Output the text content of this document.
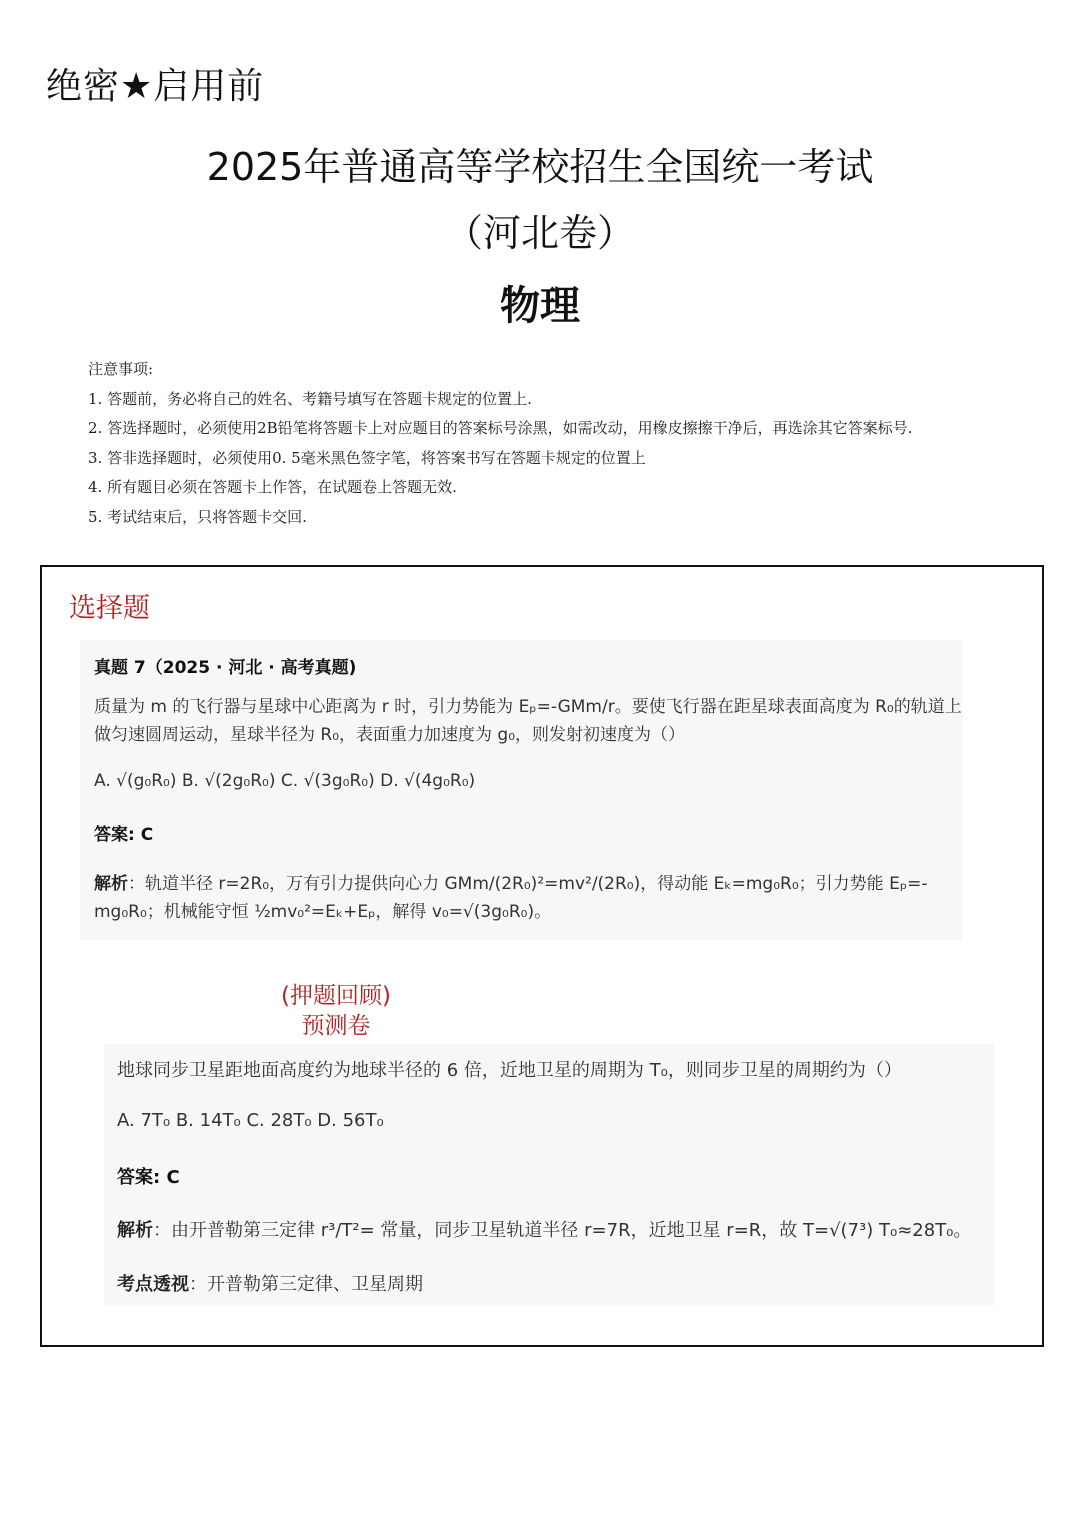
绝密★启用前
2025年普通高等学校招生全国统一考试
（河北卷）
物理
注意事项:
1. 答题前，务必将自己的姓名、考籍号填写在答题卡规定的位置上.
2. 答选择题时，必须使用2B铅笔将答题卡上对应题目的答案标号涂黑，如需改动，用橡皮擦擦干净后，再选涂其它答案标号.
3. 答非选择题时，必须使用0. 5毫米黑色签字笔，将答案书写在答题卡规定的位置上
4. 所有题目必须在答题卡上作答，在试题卷上答题无效.
5. 考试结束后，只将答题卡交回.
选择题
真题 7（2025 · 河北 · 高考真题)
质量为 m 的飞行器与星球中心距离为 r 时，引力势能为 Eₚ=-GMm/r。要使飞行器在距星球表面高度为 R₀的轨道上做匀速圆周运动，星球半径为 R₀，表面重力加速度为 g₀，则发射初速度为（）
A. √(g₀R₀) B. √(2g₀R₀) C. √(3g₀R₀) D. √(4g₀R₀)
答案: C
解析：轨道半径 r=2R₀，万有引力提供向心力 GMm/(2R₀)²=mv²/(2R₀)，得动能 Eₖ=mg₀R₀；引力势能 Eₚ=-mg₀R₀；机械能守恒 ½mv₀²=Eₖ+Eₚ，解得 v₀=√(3g₀R₀)。
(押题回顾)
预测卷
地球同步卫星距地面高度约为地球半径的 6 倍，近地卫星的周期为 T₀，则同步卫星的周期约为（）
A. 7T₀ B. 14T₀ C. 28T₀ D. 56T₀
答案: C
解析：由开普勒第三定律 r³/T²= 常量，同步卫星轨道半径 r=7R，近地卫星 r=R，故 T=√(7³) T₀≈28T₀。
考点透视：开普勒第三定律、卫星周期
